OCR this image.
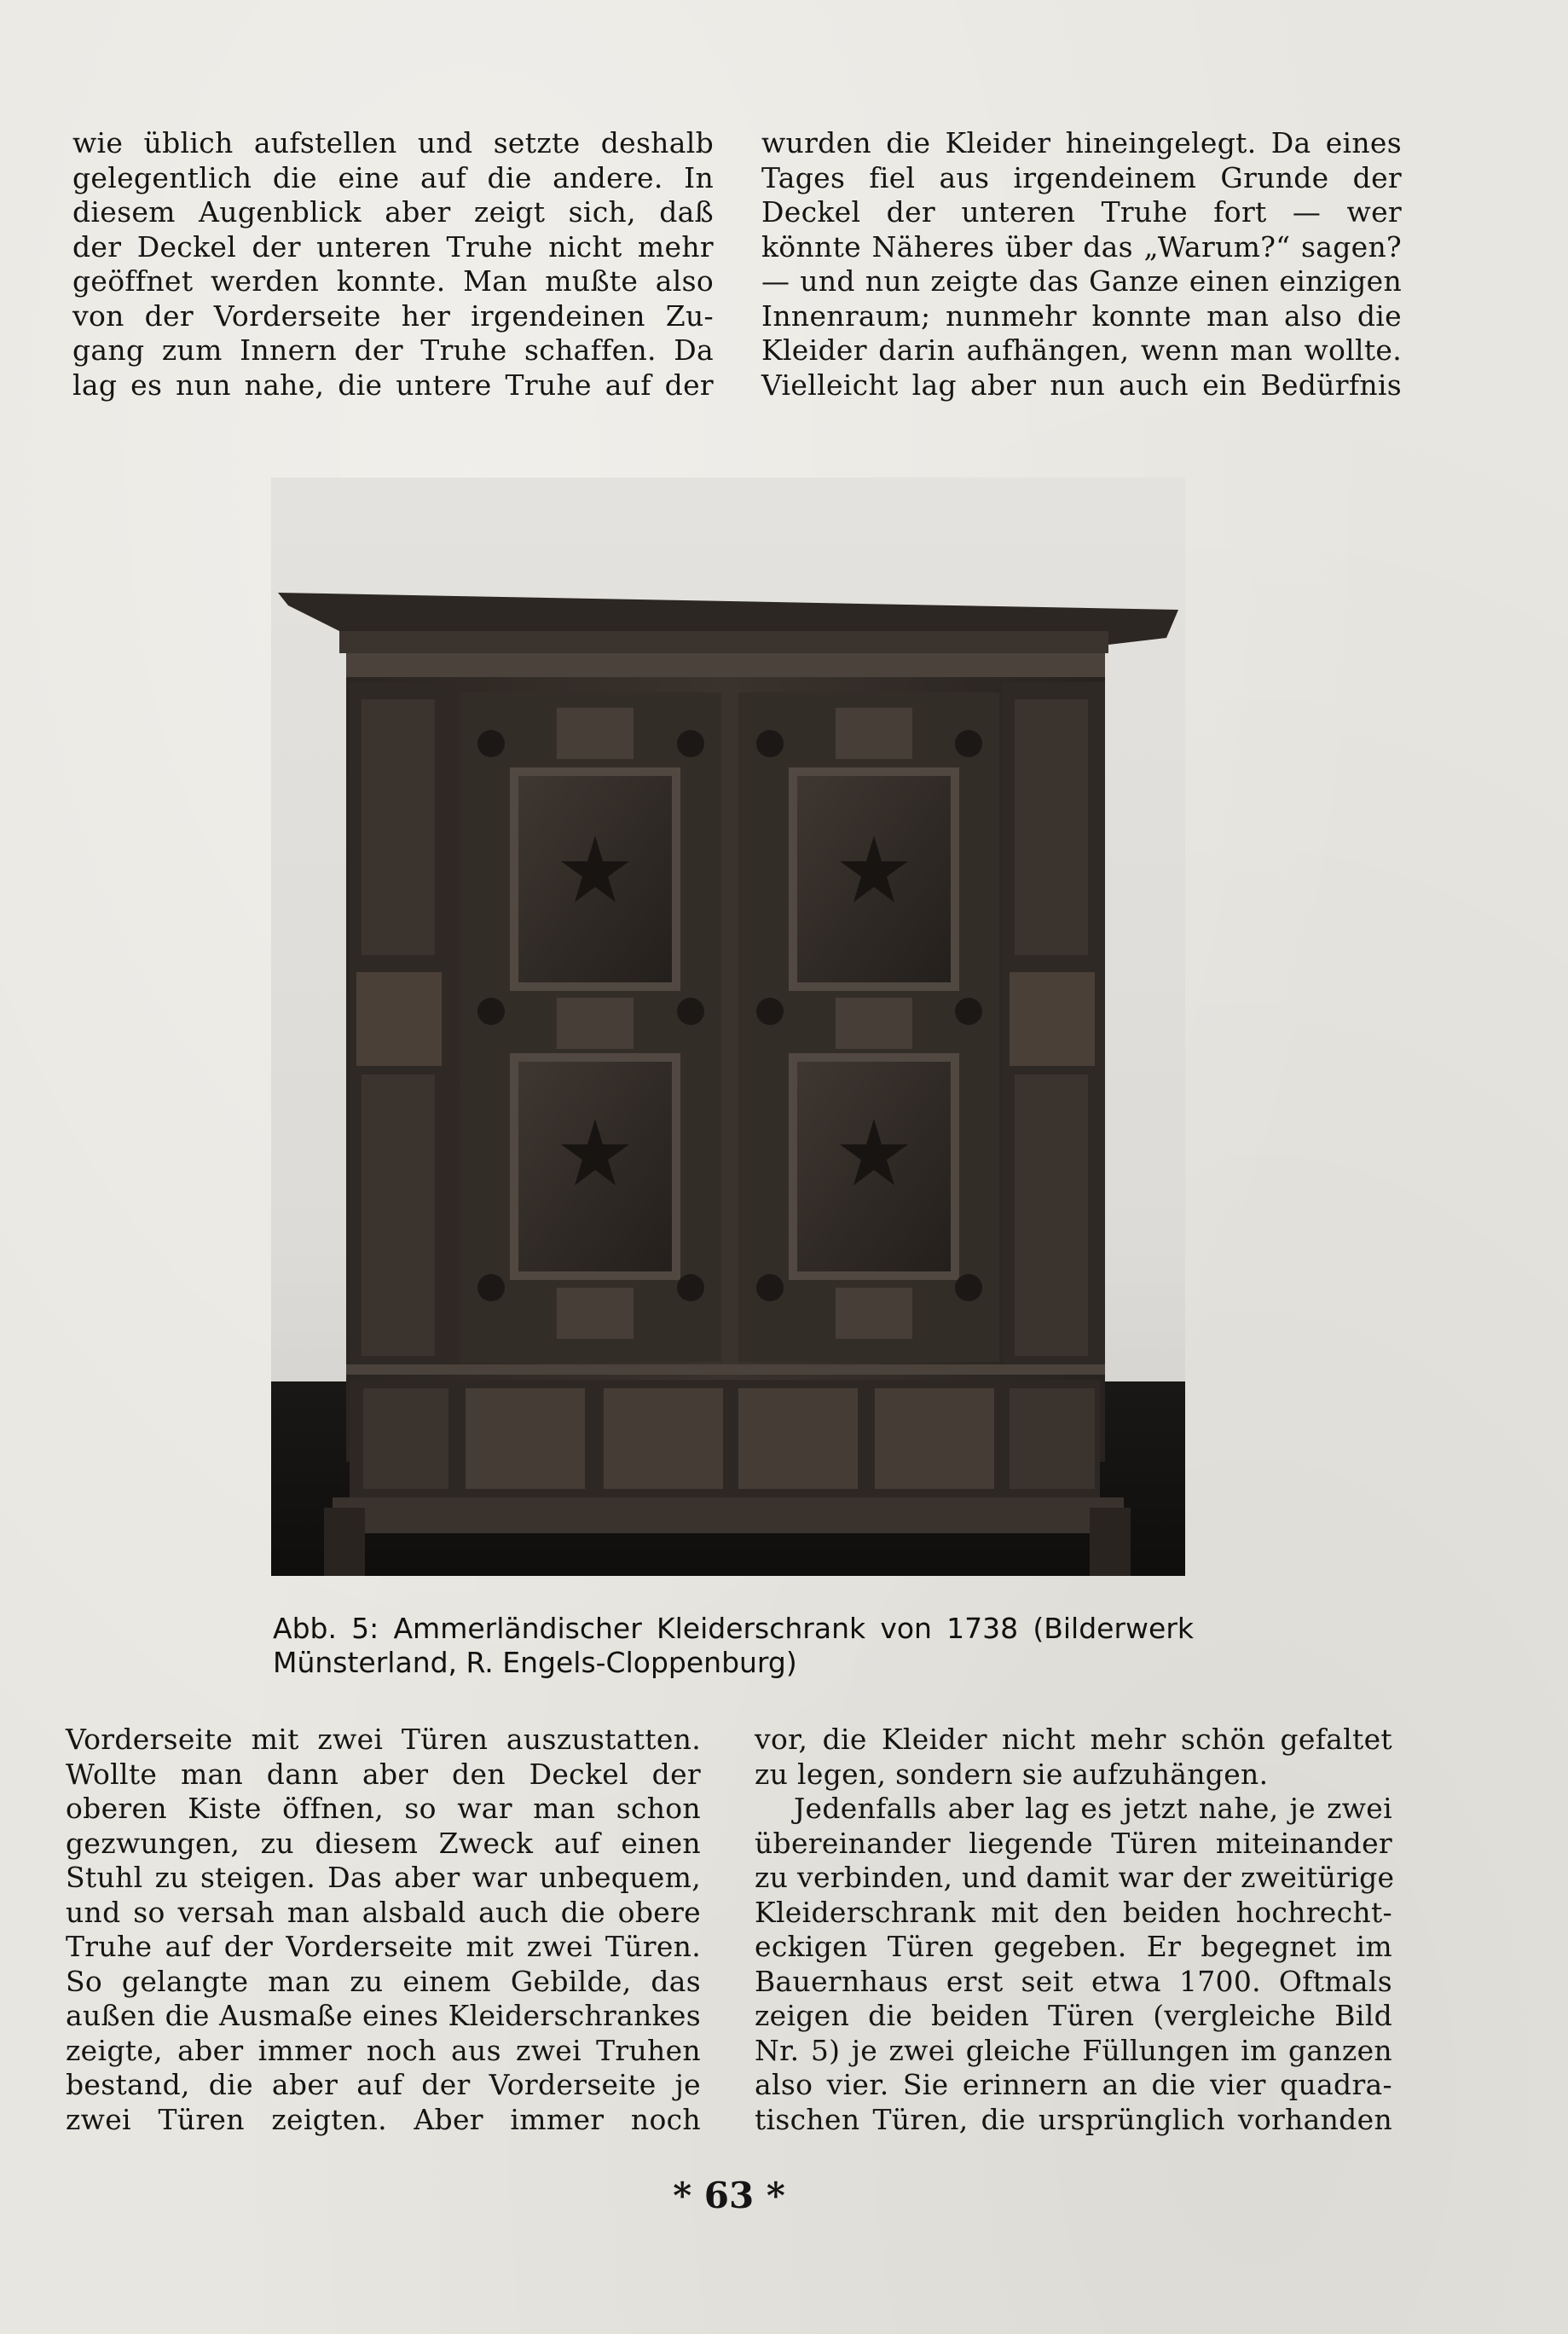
wie üblich aufstellen und setzte deshalb
gelegentlich die eine auf die andere. In
diesem Augenblick aber zeigt sich, daß
der Deckel der unteren Truhe nicht mehr
geöffnet werden konnte. Man mußte also
von der Vorderseite her irgendeinen Zu-
gang zum Innern der Truhe schaffen. Da
lag es nun nahe, die untere Truhe auf der
wurden die Kleider hineingelegt. Da eines
Tages fiel aus irgendeinem Grunde der
Deckel der unteren Truhe fort — wer
könnte Näheres über das „Warum?“ sagen?
— und nun zeigte das Ganze einen einzigen
Innenraum; nunmehr konnte man also die
Kleider darin aufhängen, wenn man wollte.
Vielleicht lag aber nun auch ein Bedürfnis
Abb. 5: Ammerländischer Kleiderschrank von 1738 (Bilderwerk
Münsterland, R. Engels-Cloppenburg)
Vorderseite mit zwei Türen auszustatten.
Wollte man dann aber den Deckel der
oberen Kiste öffnen, so war man schon
gezwungen, zu diesem Zweck auf einen
Stuhl zu steigen. Das aber war unbequem,
und so versah man alsbald auch die obere
Truhe auf der Vorderseite mit zwei Türen.
So gelangte man zu einem Gebilde, das
außen die Ausmaße eines Kleiderschrankes
zeigte, aber immer noch aus zwei Truhen
bestand, die aber auf der Vorderseite je
zwei Türen zeigten. Aber immer noch
vor, die Kleider nicht mehr schön gefaltet
zu legen, sondern sie aufzuhängen.
Jedenfalls aber lag es jetzt nahe, je zwei
übereinander liegende Türen miteinander
zu verbinden, und damit war der zweitürige
Kleiderschrank mit den beiden hochrecht-
eckigen Türen gegeben. Er begegnet im
Bauernhaus erst seit etwa 1700. Oftmals
zeigen die beiden Türen (vergleiche Bild
Nr. 5) je zwei gleiche Füllungen im ganzen
also vier. Sie erinnern an die vier quadra-
tischen Türen, die ursprünglich vorhanden
* 63 *
